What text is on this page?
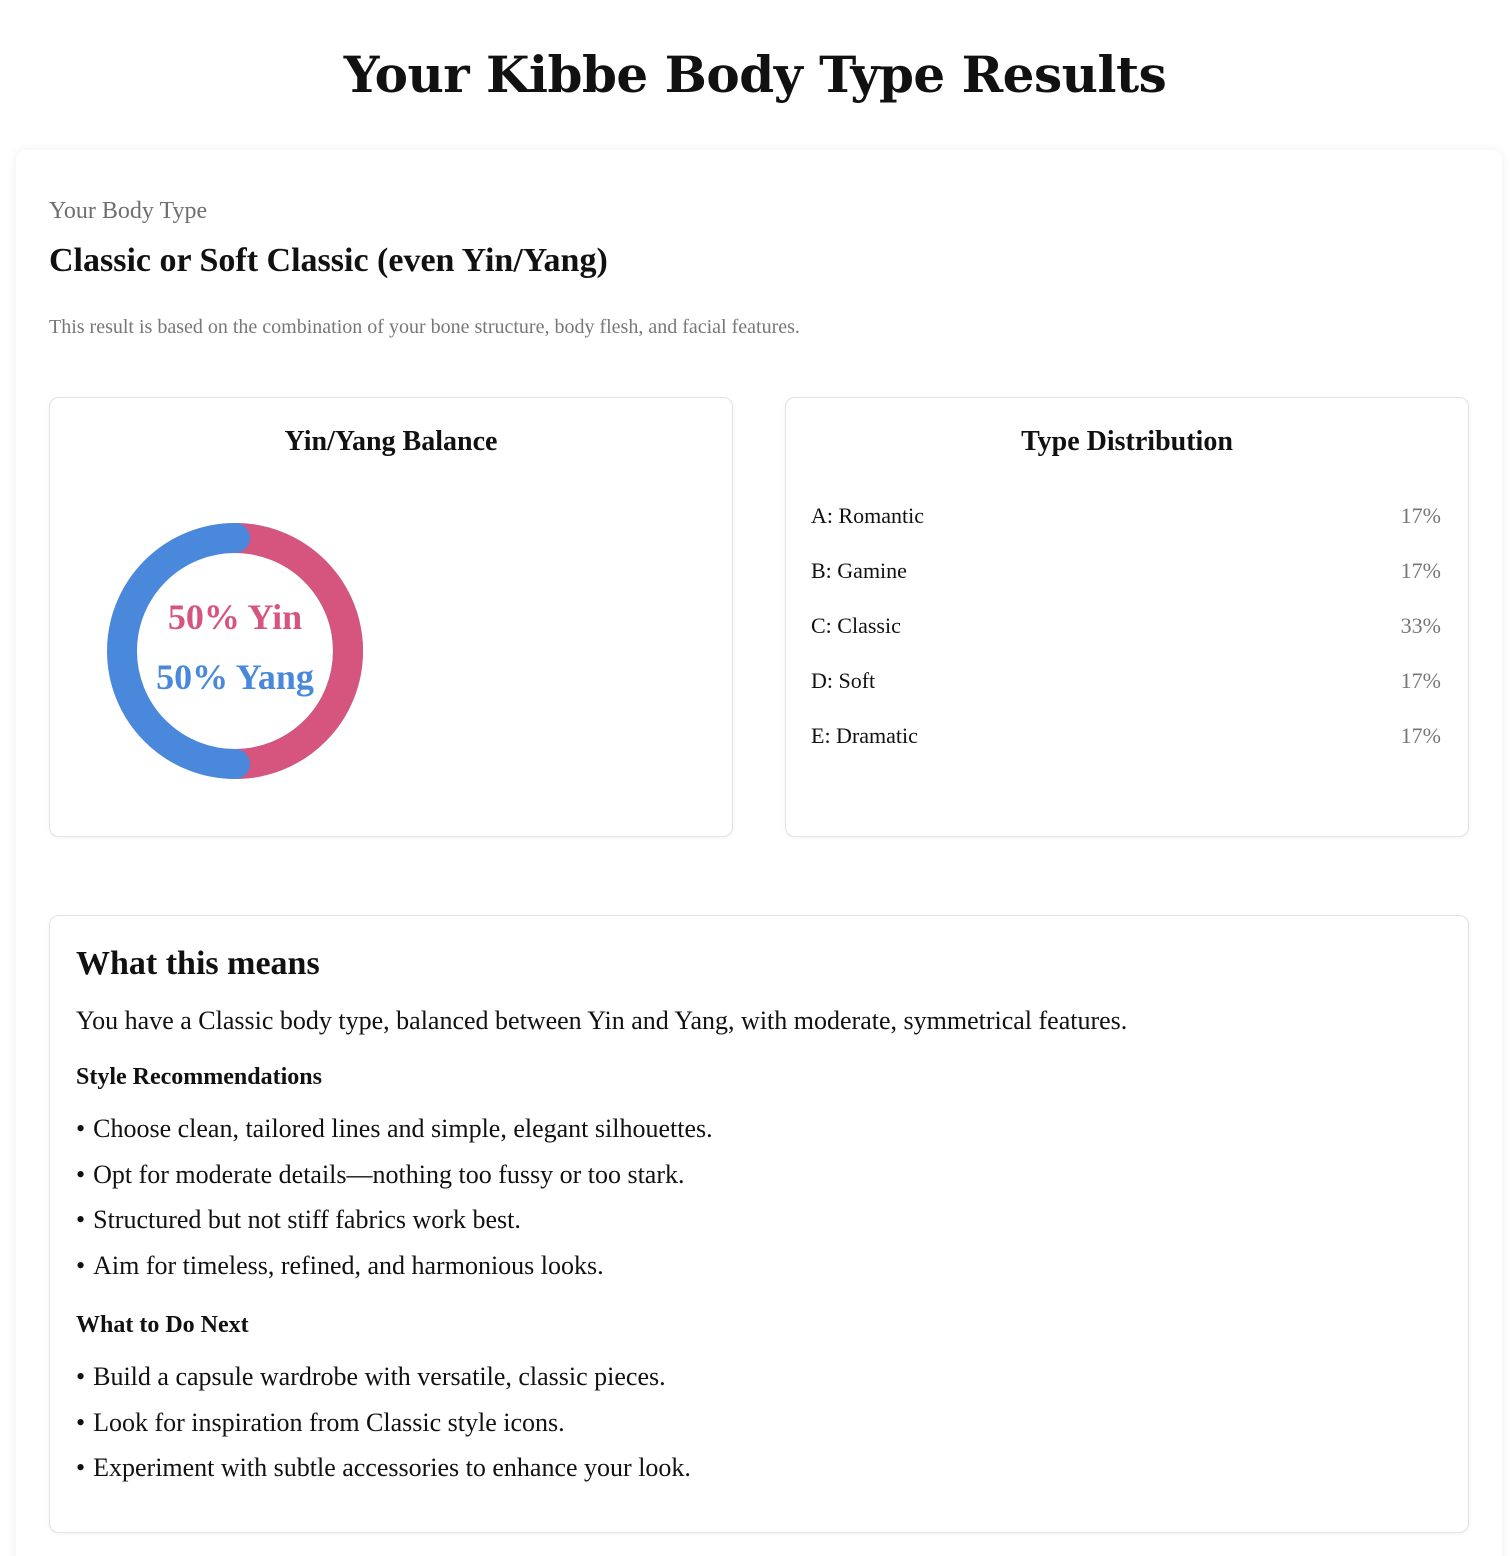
Your Kibbe Body Type Results
Your Body Type
Classic or Soft Classic (even Yin/Yang)
This result is based on the combination of your bone structure, body flesh, and facial features.
Yin/Yang Balance
50% Yin
50% Yang
Type Distribution
A: Romantic	17%
B: Gamine	17%
C: Classic	33%
D: Soft	17%
E: Dramatic	17%
What this means

You have a Classic body type, balanced between Yin and Yang, with moderate, symmetrical features.

Style Recommendations
• Choose clean, tailored lines and simple, elegant silhouettes.
• Opt for moderate details—nothing too fussy or too stark.
• Structured but not stiff fabrics work best.
• Aim for timeless, refined, and harmonious looks.
What to Do Next
• Build a capsule wardrobe with versatile, classic pieces.
• Look for inspiration from Classic style icons.
• Experiment with subtle accessories to enhance your look.
